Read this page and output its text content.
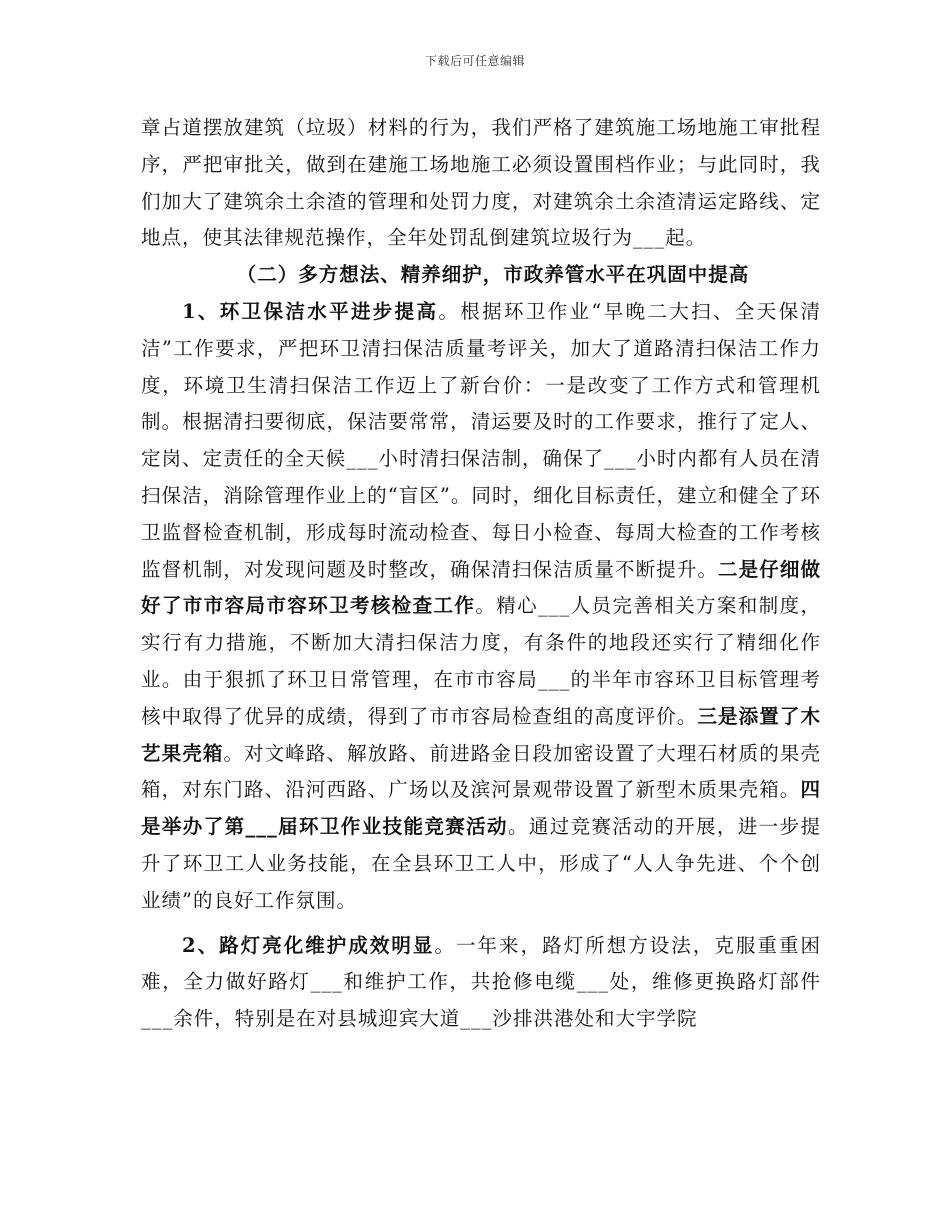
下载后可任意编辑

章占道摆放建筑（垃圾）材料的行为，我们严格了建筑施工场地施工审批程序，严把审批关，做到在建施工场地施工必须设置围档作业；与此同时，我们加大了建筑余土余渣的管理和处罚力度，对建筑余土余渣清运定路线、定地点，使其法律规范操作，全年处罚乱倒建筑垃圾行为___起。

（二）多方想法、精养细护，市政养管水平在巩固中提高

1、环卫保洁水平进步提高。根据环卫作业“早晚二大扫、全天保清洁”工作要求，严把环卫清扫保洁质量考评关，加大了道路清扫保洁工作力度，环境卫生清扫保洁工作迈上了新台价：一是改变了工作方式和管理机制。根据清扫要彻底，保洁要常常，清运要及时的工作要求，推行了定人、定岗、定责任的全天候___小时清扫保洁制，确保了___小时内都有人员在清扫保洁，消除管理作业上的“盲区”。同时，细化目标责任，建立和健全了环卫监督检查机制，形成每时流动检查、每日小检查、每周大检查的工作考核监督机制，对发现问题及时整改，确保清扫保洁质量不断提升。二是仔细做好了市市容局市容环卫考核检查工作。精心___人员完善相关方案和制度，实行有力措施，不断加大清扫保洁力度，有条件的地段还实行了精细化作业。由于狠抓了环卫日常管理，在市市容局___的半年市容环卫目标管理考核中取得了优异的成绩，得到了市市容局检查组的高度评价。三是添置了木艺果壳箱。对文峰路、解放路、前进路金日段加密设置了大理石材质的果壳箱，对东门路、沿河西路、广场以及滨河景观带设置了新型木质果壳箱。四是举办了第___届环卫作业技能竞赛活动。通过竞赛活动的开展，进一步提升了环卫工人业务技能，在全县环卫工人中，形成了“人人争先进、个个创业绩”的良好工作氛围。

2、路灯亮化维护成效明显。一年来，路灯所想方设法，克服重重困难，全力做好路灯___和维护工作，共抢修电缆___处，维修更换路灯部件___余件，特别是在对县城迎宾大道___沙排洪港处和大宇学院
